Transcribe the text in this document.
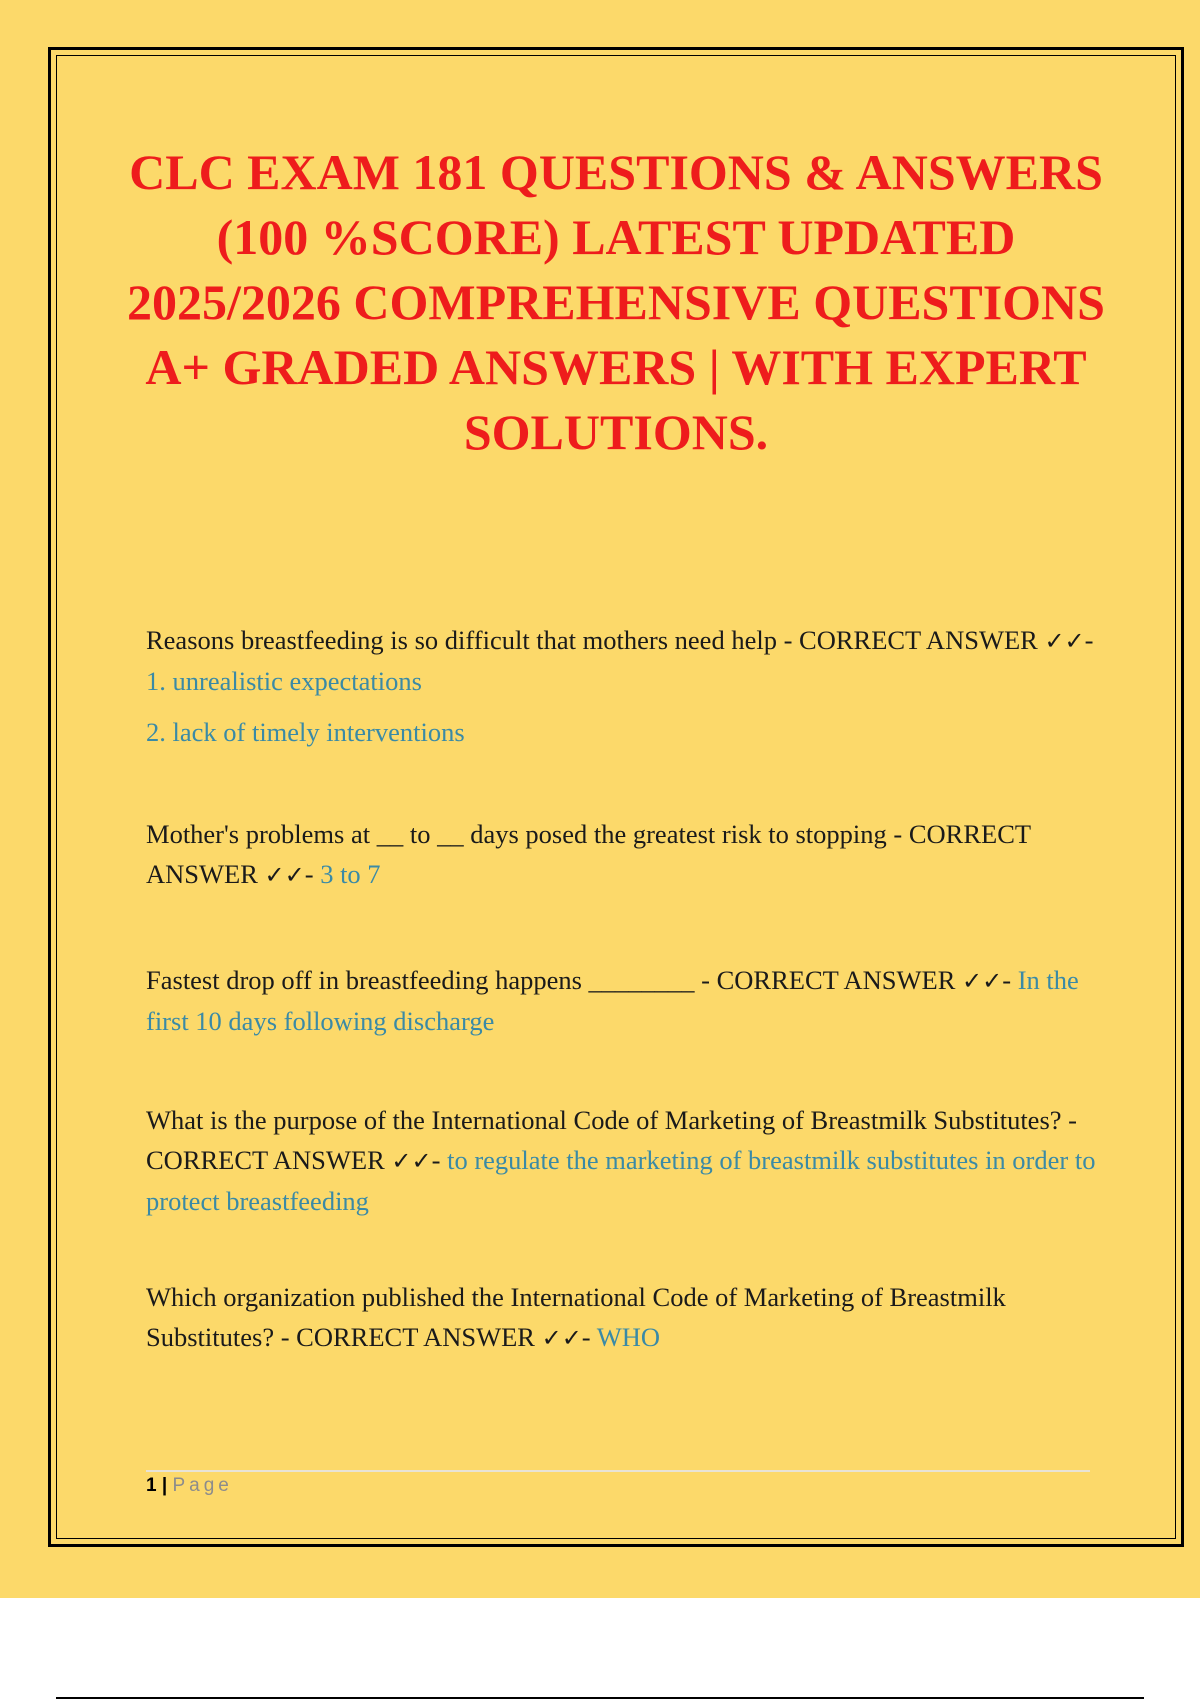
CLC EXAM 181 QUESTIONS & ANSWERS (100 %SCORE) LATEST UPDATED 2025/2026 COMPREHENSIVE QUESTIONS A+ GRADED ANSWERS | WITH EXPERT SOLUTIONS.

Reasons breastfeeding is so difficult that mothers need help - CORRECT ANSWER ✓✓- 1. unrealistic expectations

2. lack of timely interventions

Mother's problems at __ to __ days posed the greatest risk to stopping - CORRECT ANSWER ✓✓- 3 to 7

Fastest drop off in breastfeeding happens ________ - CORRECT ANSWER ✓✓- In the first 10 days following discharge

What is the purpose of the International Code of Marketing of Breastmilk Substitutes? - CORRECT ANSWER ✓✓- to regulate the marketing of breastmilk substitutes in order to protect breastfeeding

Which organization published the International Code of Marketing of Breastmilk Substitutes? - CORRECT ANSWER ✓✓- WHO

1 | Page
